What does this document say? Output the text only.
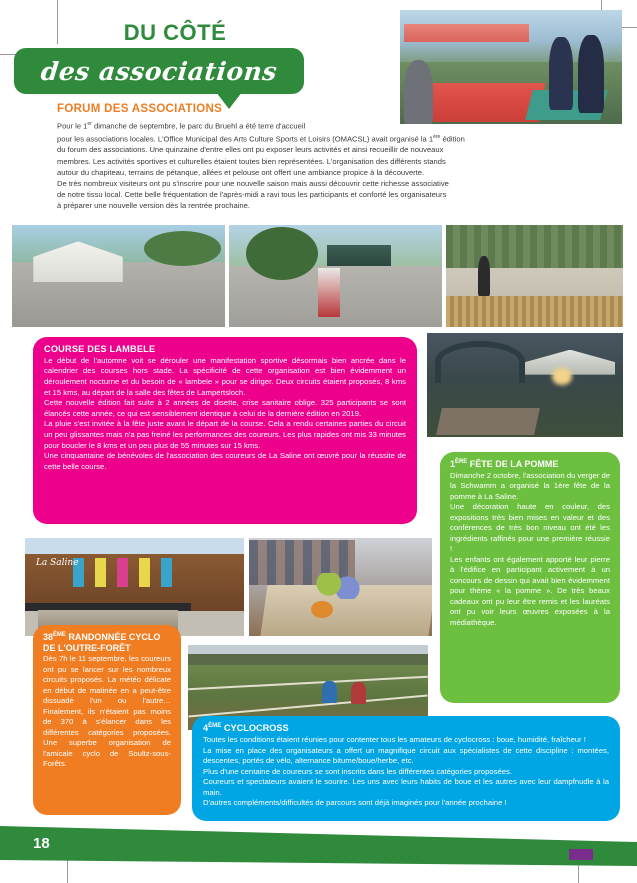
DU CÔTÉ
des associations
FORUM DES ASSOCIATIONS
Pour le 1er dimanche de septembre, le parc du Bruehl a été terre d'accueil
pour les associations locales. L'Office Municipal des Arts Culture Sports et Loisirs (OMACSL) avait organisé la 1ère édition
du forum des associations. Une quinzaine d'entre elles ont pu exposer leurs activités et ainsi recueillir de nouveaux
membres. Les activités sportives et culturelles étaient toutes bien représentées. L'organisation des différents stands
autour du chapiteau, terrains de pétanque, allées et pelouse ont offert une ambiance propice à la découverte.
De très nombreux visiteurs ont pu s'inscrire pour une nouvelle saison mais aussi découvrir cette richesse associative
de notre tissu local. Cette belle fréquentation de l'après-midi a ravi tous les participants et conforté les organisateurs
à préparer une nouvelle version dès la rentrée prochaine.
COURSE DES LAMBELE

Le début de l'automne voit se dérouler une manifestation sportive désormais bien ancrée dans le calendrier des courses hors stade. La spécificité de cette organisation est bien évidemment un déroulement nocturne et du besoin de « lambele » pour se diriger. Deux circuits étaient proposés, 8 kms et 15 kms, au départ de la salle des fêtes de Lampertsloch.

Cette nouvelle édition fait suite à 2 années de disette, crise sanitaire oblige. 325 participants se sont élancés cette année, ce qui est sensiblement identique à celui de la dernière édition en 2019.

La pluie s'est invitée à la fête juste avant le départ de la course. Cela a rendu certaines parties du circuit un peu glissantes mais n'a pas freiné les performances des coureurs. Les plus rapides ont mis 33 minutes pour boucler le 8 kms et un peu plus de 55 minutes sur 15 kms.

Une cinquantaine de bénévoles de l'association des coureurs de La Saline ont œuvré pour la réussite de cette belle course.	1ÈRE FÊTE DE LA POMME

Dimanche 2 octobre, l'association du verger de la Schwamm a organisé la 1ère fête de la pomme à La Saline.

Une décoration haute en couleur, des expositions très bien mises en valeur et des conférences de très bon niveau ont été les ingrédients raffinés pour une première réussie !

Les enfants ont également apporté leur pierre à l'édifice en participant activement à un concours de dessin qui avait bien évidemment pour thème « la pomme ». De très beaux cadeaux ont pu leur être remis et les lauréats ont pu voir leurs œuvres exposées à la médiathèque.

La Saline
38ÈME RANDONNÉE CYCLO DE L'OUTRE-FORÊT

Dès 7h le 11 septembre, les coureurs ont pu se lancer sur les nombreux circuits proposés. La météo délicate en début de matinée en a peut-être dissuadé l'un ou l'autre… Finalement, ils n'étaient pas moins de 370 à s'élancer dans les différentes catégories proposées. Une superbe organisation de l'amicale cyclo de Soultz-sous-Forêts.

4ÈME CYCLOCROSS

Toutes les conditions étaient réunies pour contenter tous les amateurs de cyclocross : boue, humidité, fraîcheur !

La mise en place des organisateurs a offert un magnifique circuit aux spécialistes de cette discipline : montées, descentes, portés de vélo, alternance bitume/boue/herbe, etc.

Plus d'une centaine de coureurs se sont inscrits dans les différentes catégories proposées.

Coureurs et spectateurs avaient le sourire. Les uns avec leurs habits de boue et les autres avec leur dampfnudle à la main.

D'autres compléments/difficultés de parcours sont déjà imaginés pour l'année prochaine !

18
